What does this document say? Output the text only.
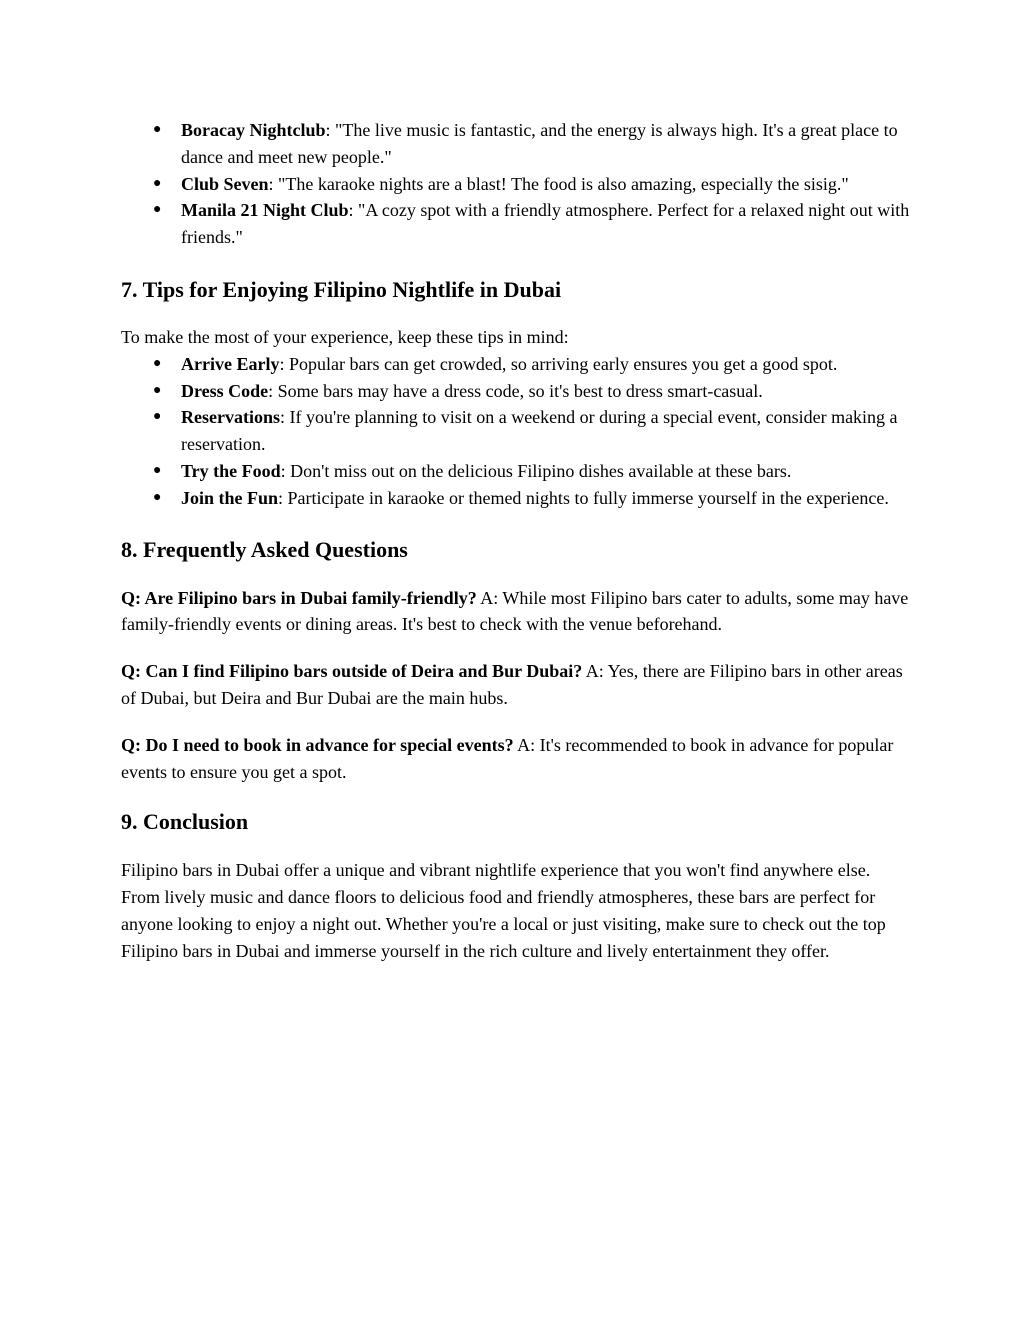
● Boracay Nightclub: "The live music is fantastic, and the energy is always high. It's a great place to dance and meet new people."
● Club Seven: "The karaoke nights are a blast! The food is also amazing, especially the sisig."
● Manila 21 Night Club: "A cozy spot with a friendly atmosphere. Perfect for a relaxed night out with friends."
7. Tips for Enjoying Filipino Nightlife in Dubai

To make the most of your experience, keep these tips in mind:

● Arrive Early: Popular bars can get crowded, so arriving early ensures you get a good spot.
● Dress Code: Some bars may have a dress code, so it's best to dress smart-casual.
● Reservations: If you're planning to visit on a weekend or during a special event, consider making a reservation.
● Try the Food: Don't miss out on the delicious Filipino dishes available at these bars.
● Join the Fun: Participate in karaoke or themed nights to fully immerse yourself in the experience.
8. Frequently Asked Questions

Q: Are Filipino bars in Dubai family-friendly? A: While most Filipino bars cater to adults, some may have family-friendly events or dining areas. It's best to check with the venue beforehand.

Q: Can I find Filipino bars outside of Deira and Bur Dubai? A: Yes, there are Filipino bars in other areas of Dubai, but Deira and Bur Dubai are the main hubs.

Q: Do I need to book in advance for special events? A: It's recommended to book in advance for popular events to ensure you get a spot.

9. Conclusion

Filipino bars in Dubai offer a unique and vibrant nightlife experience that you won't find anywhere else. From lively music and dance floors to delicious food and friendly atmospheres, these bars are perfect for anyone looking to enjoy a night out. Whether you're a local or just visiting, make sure to check out the top Filipino bars in Dubai and immerse yourself in the rich culture and lively entertainment they offer.
